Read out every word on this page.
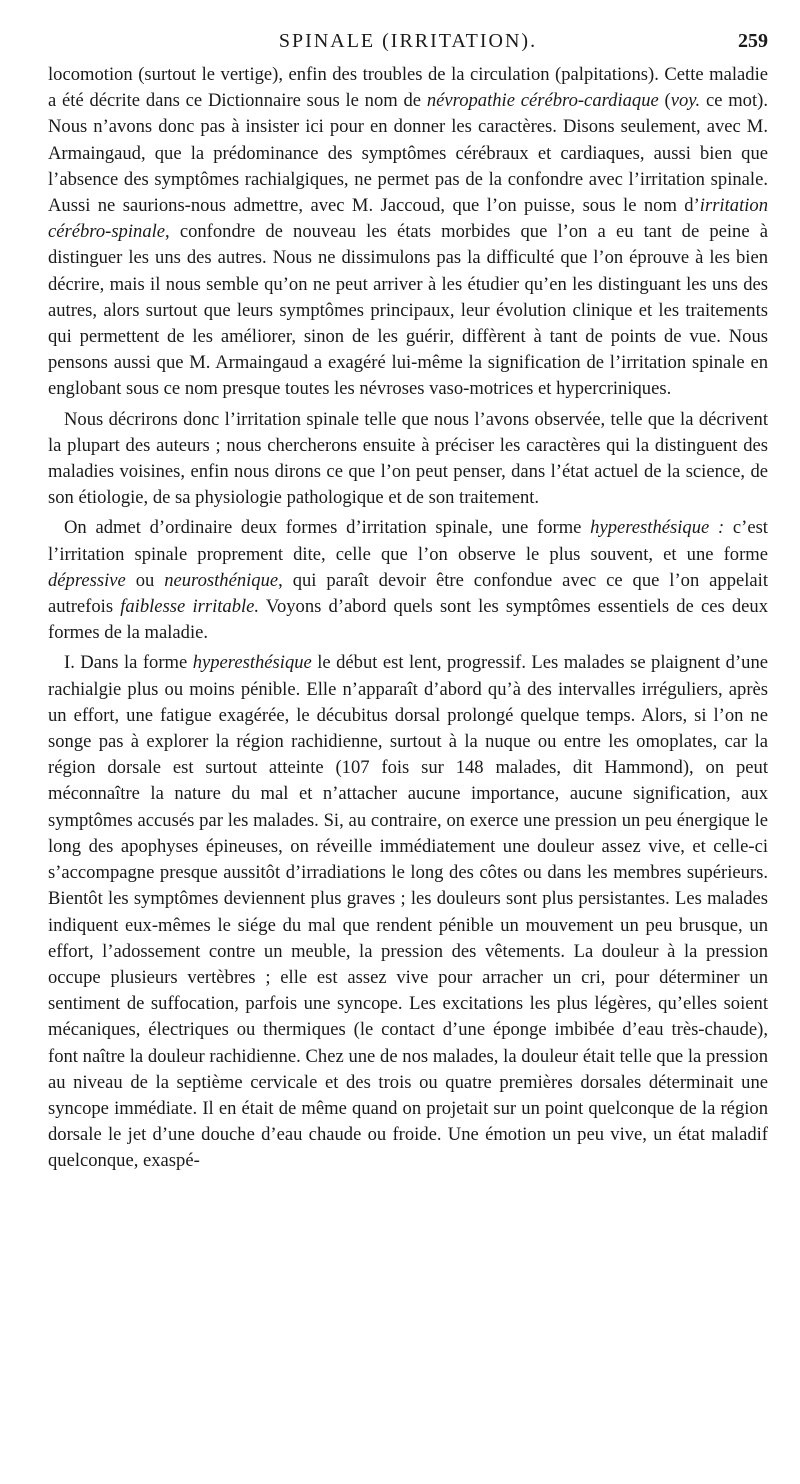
SPINALE (IRRITATION).	259

locomotion (surtout le vertige), enfin des troubles de la circulation (palpitations). Cette maladie a été décrite dans ce Dictionnaire sous le nom de névropathie cérébro-cardiaque (voy. ce mot). Nous n’avons donc pas à insister ici pour en donner les caractères. Disons seulement, avec M. Armaingaud, que la prédominance des symptômes cérébraux et cardiaques, aussi bien que l’absence des symptômes rachialgiques, ne permet pas de la confondre avec l’irritation spinale. Aussi ne saurions-nous admettre, avec M. Jaccoud, que l’on puisse, sous le nom d’irritation cérébro-spinale, confondre de nouveau les états morbides que l’on a eu tant de peine à distinguer les uns des autres. Nous ne dissimulons pas la difficulté que l’on éprouve à les bien décrire, mais il nous semble qu’on ne peut arriver à les étudier qu’en les distinguant les uns des autres, alors surtout que leurs symptômes principaux, leur évolution clinique et les traitements qui permettent de les améliorer, sinon de les guérir, diffèrent à tant de points de vue. Nous pensons aussi que M. Armaingaud a exagéré lui-même la signification de l’irritation spinale en englobant sous ce nom presque toutes les névroses vaso-motrices et hypercriniques.

Nous décrirons donc l’irritation spinale telle que nous l’avons observée, telle que la décrivent la plupart des auteurs ; nous chercherons ensuite à préciser les caractères qui la distinguent des maladies voisines, enfin nous dirons ce que l’on peut penser, dans l’état actuel de la science, de son étiologie, de sa physiologie pathologique et de son traitement.

On admet d’ordinaire deux formes d’irritation spinale, une forme hyperesthésique : c’est l’irritation spinale proprement dite, celle que l’on observe le plus souvent, et une forme dépressive ou neurosthénique, qui paraît devoir être confondue avec ce que l’on appelait autrefois faiblesse irritable. Voyons d’abord quels sont les symptômes essentiels de ces deux formes de la maladie.

I. Dans la forme hyperesthésique le début est lent, progressif. Les malades se plaignent d’une rachialgie plus ou moins pénible. Elle n’apparaît d’abord qu’à des intervalles irréguliers, après un effort, une fatigue exagérée, le décubitus dorsal prolongé quelque temps. Alors, si l’on ne songe pas à explorer la région rachidienne, surtout à la nuque ou entre les omoplates, car la région dorsale est surtout atteinte (107 fois sur 148 malades, dit Hammond), on peut méconnaître la nature du mal et n’attacher aucune importance, aucune signification, aux symptômes accusés par les malades. Si, au contraire, on exerce une pression un peu énergique le long des apophyses épineuses, on réveille immédiatement une douleur assez vive, et celle-ci s’accompagne presque aussitôt d’irradiations le long des côtes ou dans les membres supérieurs. Bientôt les symptômes deviennent plus graves ; les douleurs sont plus persistantes. Les malades indiquent eux-mêmes le siége du mal que rendent pénible un mouvement un peu brusque, un effort, l’adossement contre un meuble, la pression des vêtements. La douleur à la pression occupe plusieurs vertèbres ; elle est assez vive pour arracher un cri, pour déterminer un sentiment de suffocation, parfois une syncope. Les excitations les plus légères, qu’elles soient mécaniques, électriques ou thermiques (le contact d’une éponge imbibée d’eau très-chaude), font naître la douleur rachidienne. Chez une de nos malades, la douleur était telle que la pression au niveau de la septième cervicale et des trois ou quatre premières dorsales déterminait une syncope immédiate. Il en était de même quand on projetait sur un point quelconque de la région dorsale le jet d’une douche d’eau chaude ou froide. Une émotion un peu vive, un état maladif quelconque, exaspé-
